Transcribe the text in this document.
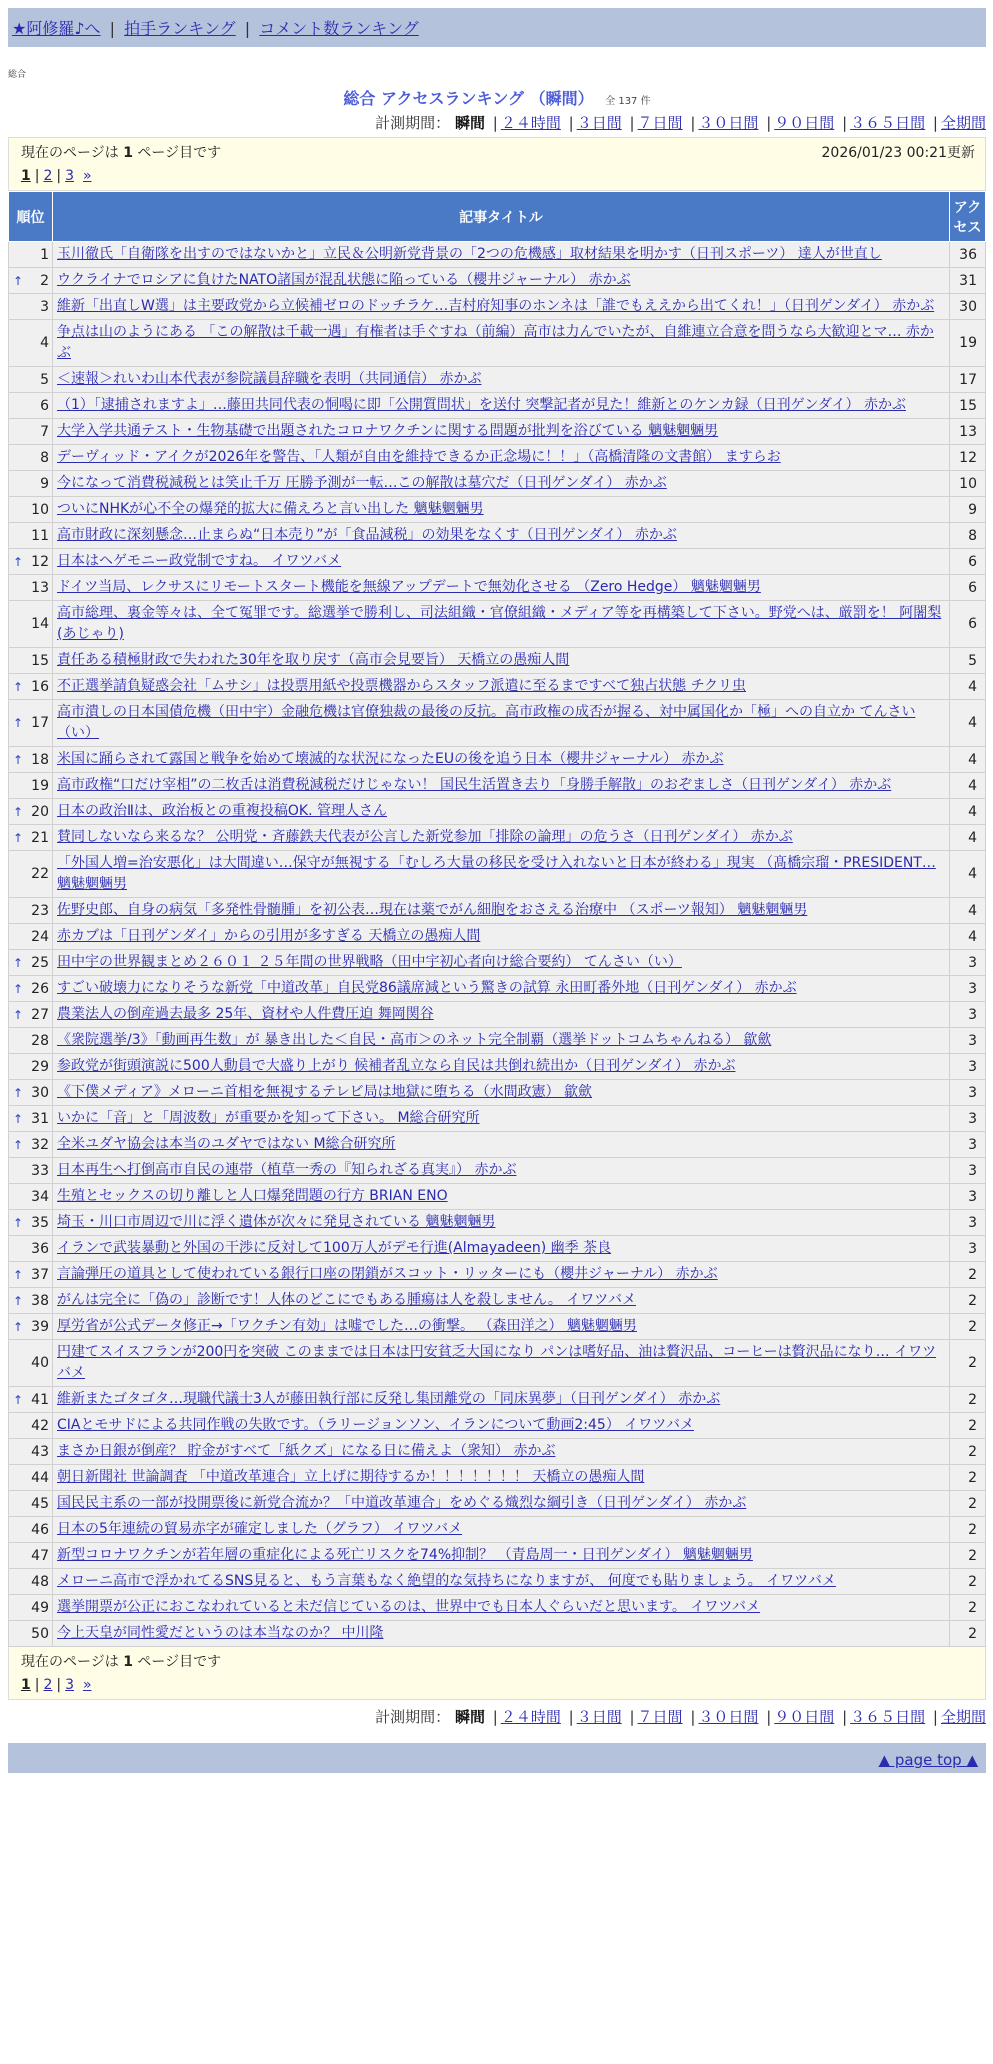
★阿修羅♪へ | 拍手ランキング | コメント数ランキング
総合
総合 アクセスランキング （瞬間） 全 137 件
計測期間： 瞬間 | ２４時間 | ３日間 | ７日間 | ３０日間 | ９０日間 | ３６５日間 | 全期間
現在のページは 1 ページ目です	2026/01/23 00:21更新
1 | 2 | 3 »
順位	記事タイトル	アクセス
1	玉川徹氏「自衛隊を出すのではないかと」立民＆公明新党背景の「2つの危機感」取材結果を明かす（日刊スポーツ） 達人が世直し	36

↑ 2	ウクライナでロシアに負けたNATO諸国が混乱状態に陥っている（櫻井ジャーナル） 赤かぶ	31
3	維新「出直しW選」は主要政党から立候補ゼロのドッチラケ…吉村府知事のホンネは「誰でもええから出てくれ！」（日刊ゲンダイ） 赤かぶ	30
4	争点は山のようにある 「この解散は千載一遇」有権者は手ぐすね（前編）高市は力んでいたが、自維連立合意を問うなら大歓迎とマ… 赤かぶ	19
5	＜速報＞れいわ山本代表が参院議員辞職を表明（共同通信） 赤かぶ	17
6	（1）「逮捕されますよ」…藤田共同代表の恫喝に即「公開質問状」を送付 突撃記者が見た！維新とのケンカ録（日刊ゲンダイ） 赤かぶ	15
7	大学入学共通テスト・生物基礎で出題されたコロナワクチンに関する問題が批判を浴びている 魑魅魍魎男	13
8	デーヴィッド・アイクが2026年を警告、「人類が自由を維持できるか正念場に！！」（高橋清隆の文書館） ますらお	12
9	今になって消費税減税とは笑止千万 圧勝予測が一転…この解散は墓穴だ（日刊ゲンダイ） 赤かぶ	10
10	ついにNHKが心不全の爆発的拡大に備えろと言い出した 魑魅魍魎男	9
11	高市財政に深刻懸念…止まらぬ“日本売り”が「食品減税」の効果をなくす（日刊ゲンダイ） 赤かぶ	8

↑ 12	日本はヘゲモニー政党制ですね。 イワツバメ	6
13	ドイツ当局、レクサスにリモートスタート機能を無線アップデートで無効化させる （Zero Hedge） 魑魅魍魎男	6
14	高市総理、裏金等々は、全て冤罪です。総選挙で勝利し、司法組織・官僚組織・メディア等を再構築して下さい。野党へは、厳罰を！ 阿闍梨(あじゃり)	6
15	責任ある積極財政で失われた30年を取り戻す（高市会見要旨） 天橋立の愚痴人間	5

↑ 16	不正選挙請負疑惑会社「ムサシ」は投票用紙や投票機器からスタッフ派遣に至るまですべて独占状態 チクリ虫	4

↑ 17	高市潰しの日本国債危機（田中宇）金融危機は官僚独裁の最後の反抗。高市政権の成否が握る、対中属国化か「極」への自立か てんさい（い）	4

↑ 18	米国に踊らされて露国と戦争を始めて壊滅的な状況になったEUの後を追う日本（櫻井ジャーナル） 赤かぶ	4
19	高市政権“口だけ宰相”の二枚舌は消費税減税だけじゃない！ 国民生活置き去り「身勝手解散」のおぞましさ（日刊ゲンダイ） 赤かぶ	4

↑ 20	日本の政治Ⅱは、政治板との重複投稿OK. 管理人さん	4

↑ 21	賛同しないなら来るな？ 公明党・斉藤鉄夫代表が公言した新党参加「排除の論理」の危うさ（日刊ゲンダイ） 赤かぶ	4
22	「外国人増=治安悪化」は大間違い…保守が無視する「むしろ大量の移民を受け入れないと日本が終わる」現実 （髙橋宗瑠・PRESIDENT… 魑魅魍魎男	4
23	佐野史郎、自身の病気「多発性骨髄腫」を初公表…現在は薬でがん細胞をおさえる治療中 （スポーツ報知） 魑魅魍魎男	4
24	赤カブは「日刊ゲンダイ」からの引用が多すぎる 天橋立の愚痴人間	4

↑ 25	田中宇の世界観まとめ２６０１ ２５年間の世界戦略（田中宇初心者向け総合要約） てんさい（い）	3

↑ 26	すごい破壊力になりそうな新党「中道改革」自民党86議席減という驚きの試算 永田町番外地（日刊ゲンダイ） 赤かぶ	3

↑ 27	農業法人の倒産過去最多 25年、資材や人件費圧迫 舞岡関谷	3
28	《衆院選挙/3》「動画再生数」が 暴き出した＜自民・高市＞のネット完全制覇（選挙ドットコムちゃんねる） 歙歛	3
29	参政党が街頭演説に500人動員で大盛り上がり 候補者乱立なら自民は共倒れ続出か（日刊ゲンダイ） 赤かぶ	3

↑ 30	《下僕メディア》メローニ首相を無視するテレビ局は地獄に堕ちる（水間政憲） 歙歛	3

↑ 31	いかに「音」と「周波数」が重要かを知って下さい。 M総合研究所	3

↑ 32	全米ユダヤ協会は本当のユダヤではない M総合研究所	3
33	日本再生へ打倒高市自民の連帯（植草一秀の『知られざる真実』） 赤かぶ	3
34	生殖とセックスの切り離しと人口爆発問題の行方 BRIAN ENO	3

↑ 35	埼玉・川口市周辺で川に浮く遺体が次々に発見されている 魑魅魍魎男	3
36	イランで武装暴動と外国の干渉に反対して100万人がデモ行進(Almayadeen) 幽季 茶良	3

↑ 37	言論弾圧の道具として使われている銀行口座の閉鎖がスコット・リッターにも（櫻井ジャーナル） 赤かぶ	2

↑ 38	がんは完全に「偽の」診断です！人体のどこにでもある腫瘍は人を殺しません。 イワツバメ	2

↑ 39	厚労省が公式データ修正→「ワクチン有効」は嘘でした…の衝撃。 （森田洋之） 魑魅魍魎男	2
40	円建てスイスフランが200円を突破 このままでは日本は円安貧乏大国になり パンは嗜好品、油は贅沢品、コーヒーは贅沢品になり… イワツバメ	2

↑ 41	維新またゴタゴタ…現職代議士3人が藤田執行部に反発し集団離党の「同床異夢」（日刊ゲンダイ） 赤かぶ	2
42	CIAとモサドによる共同作戦の失敗です。（ラリージョンソン、イランについて動画2:45） イワツバメ	2
43	まさか日銀が倒産？ 貯金がすべて「紙クズ」になる日に備えよ（衆知） 赤かぶ	2
44	朝日新聞社 世論調査 「中道改革連合」立上げに期待するか！！！！！！！ 天橋立の愚痴人間	2
45	国民民主系の一部が投開票後に新党合流か？「中道改革連合」をめぐる熾烈な綱引き（日刊ゲンダイ） 赤かぶ	2
46	日本の5年連続の貿易赤字が確定しました（グラフ） イワツバメ	2
47	新型コロナワクチンが若年層の重症化による死亡リスクを74%抑制？ （青島周一・日刊ゲンダイ） 魑魅魍魎男	2
48	メローニ高市で浮かれてるSNS見ると、もう言葉もなく絶望的な気持ちになりますが、 何度でも貼りましょう。 イワツバメ	2
49	選挙開票が公正におこなわれていると未だ信じているのは、世界中でも日本人ぐらいだと思います。 イワツバメ	2
50	今上天皇が同性愛だというのは本当なのか？ 中川隆	2
現在のページは 1 ページ目です
1 | 2 | 3 »
計測期間： 瞬間 | ２４時間 | ３日間 | ７日間 | ３０日間 | ９０日間 | ３６５日間 | 全期間
▲ page top ▲
